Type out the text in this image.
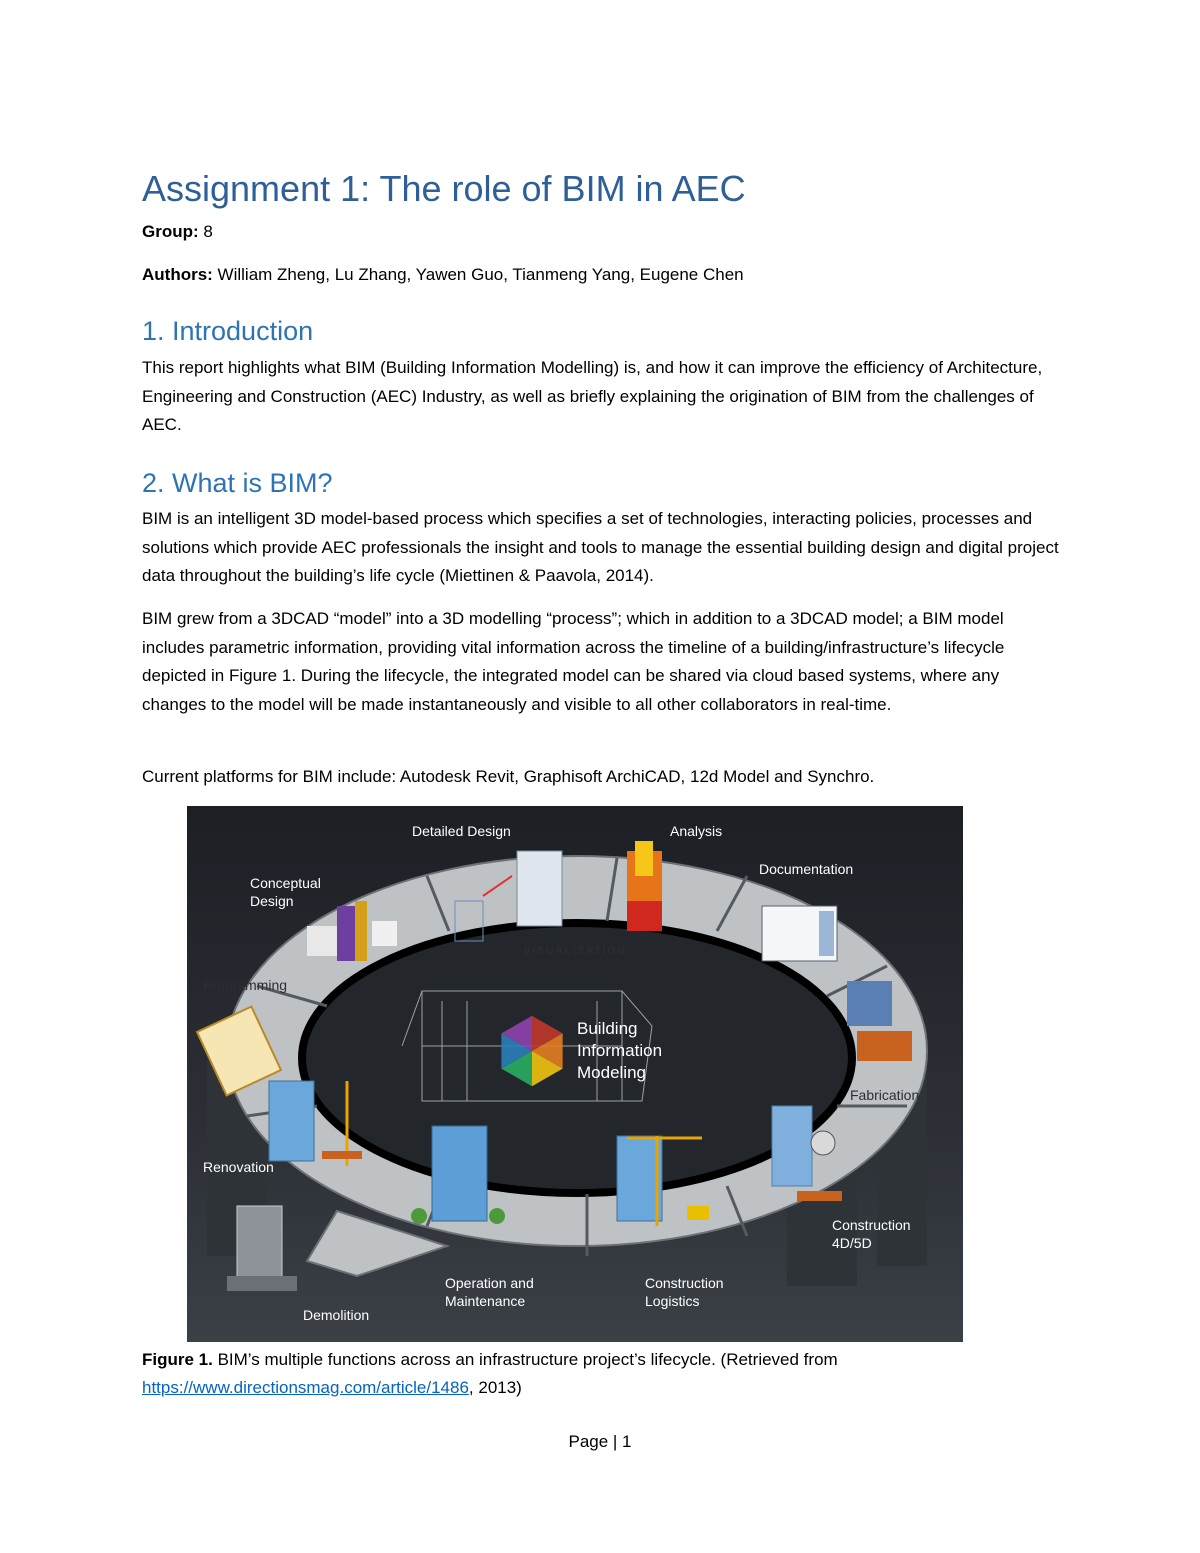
Assignment 1: The role of BIM in AEC

Group: 8

Authors: William Zheng, Lu Zhang, Yawen Guo, Tianmeng Yang, Eugene Chen

1. Introduction

This report highlights what BIM (Building Information Modelling) is, and how it can improve the efficiency of Architecture, Engineering and Construction (AEC) Industry, as well as briefly explaining the origination of BIM from the challenges of AEC.

2. What is BIM?

BIM is an intelligent 3D model-based process which specifies a set of technologies, interacting policies, processes and solutions which provide AEC professionals the insight and tools to manage the essential building design and digital project data throughout the building’s life cycle (Miettinen & Paavola, 2014).

BIM grew from a 3DCAD “model” into a 3D modelling “process”; which in addition to a 3DCAD model; a BIM model includes parametric information, providing vital information across the timeline of a building/infrastructure’s lifecycle depicted in Figure 1. During the lifecycle, the integrated model can be shared via cloud based systems, where any changes to the model will be made instantaneously and visible to all other collaborators in real-time.

Current platforms for BIM include: Autodesk Revit, Graphisoft ArchiCAD, 12d Model and Synchro.

VISUALIZATION
Building Information Modeling
Detailed Design	Analysis
Documentation
Conceptual Design
Programming
Fabrication
Renovation
Construction 4D/5D
Operation and Maintenance
Construction Logistics
Demolition

Figure 1. BIM’s multiple functions across an infrastructure project’s lifecycle. (Retrieved from https://www.directionsmag.com/article/1486, 2013)

Page | 1
